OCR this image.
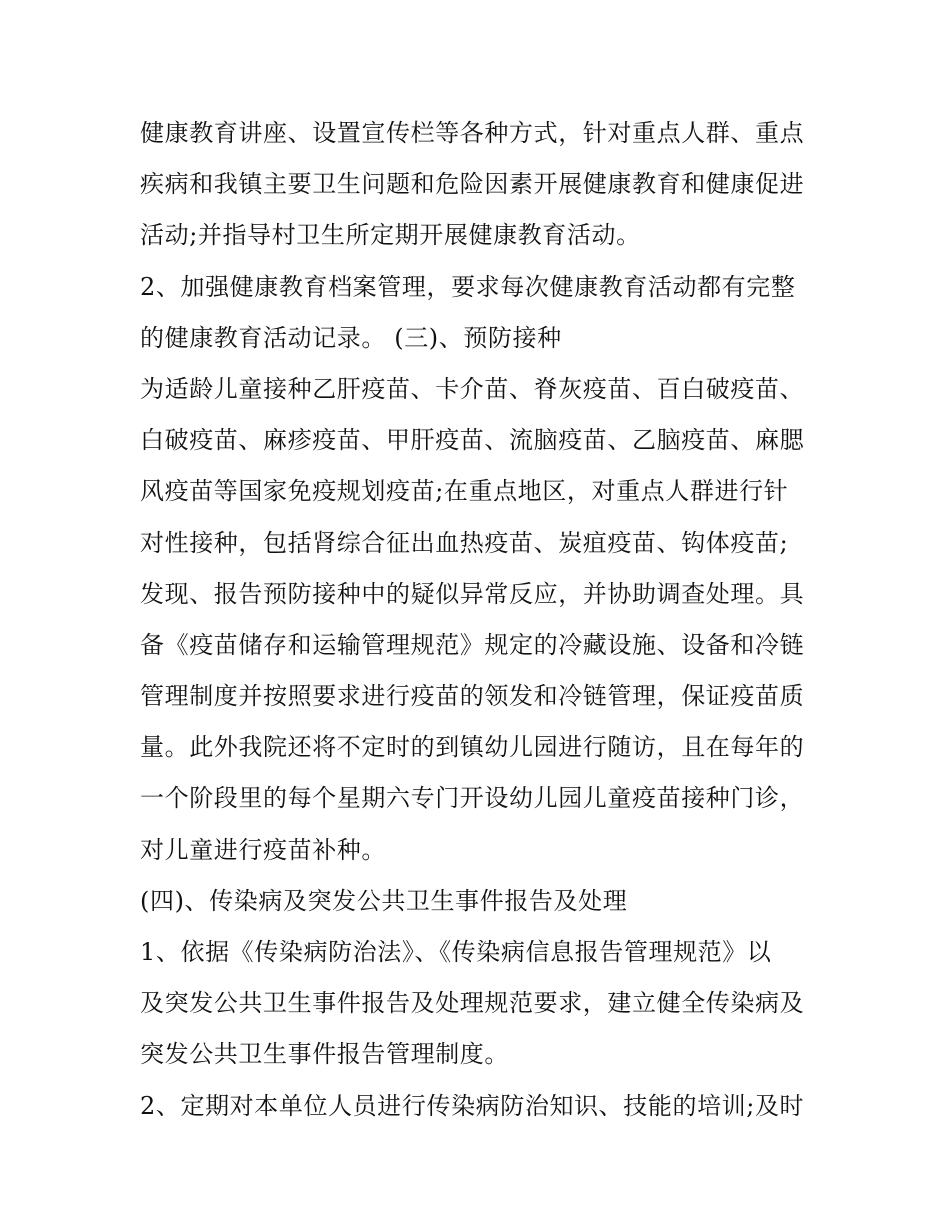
健康教育讲座、设置宣传栏等各种方式，针对重点人群、重点
疾病和我镇主要卫生问题和危险因素开展健康教育和健康促进
活动;并指导村卫生所定期开展健康教育活动。
2、加强健康教育档案管理，要求每次健康教育活动都有完整
的健康教育活动记录。 (三)、预防接种
为适龄儿童接种乙肝疫苗、卡介苗、脊灰疫苗、百白破疫苗、
白破疫苗、麻疹疫苗、甲肝疫苗、流脑疫苗、乙脑疫苗、麻腮
风疫苗等国家免疫规划疫苗;在重点地区，对重点人群进行针
对性接种，包括肾综合征出血热疫苗、炭疽疫苗、钩体疫苗;
发现、报告预防接种中的疑似异常反应，并协助调查处理。具
备《疫苗储存和运输管理规范》规定的冷藏设施、设备和冷链
管理制度并按照要求进行疫苗的领发和冷链管理，保证疫苗质
量。此外我院还将不定时的到镇幼儿园进行随访，且在每年的
一个阶段里的每个星期六专门开设幼儿园儿童疫苗接种门诊，
对儿童进行疫苗补种。
(四)、传染病及突发公共卫生事件报告及处理
1、依据《传染病防治法》、《传染病信息报告管理规范》以
及突发公共卫生事件报告及处理规范要求，建立健全传染病及
突发公共卫生事件报告管理制度。
2、定期对本单位人员进行传染病防治知识、技能的培训;及时
